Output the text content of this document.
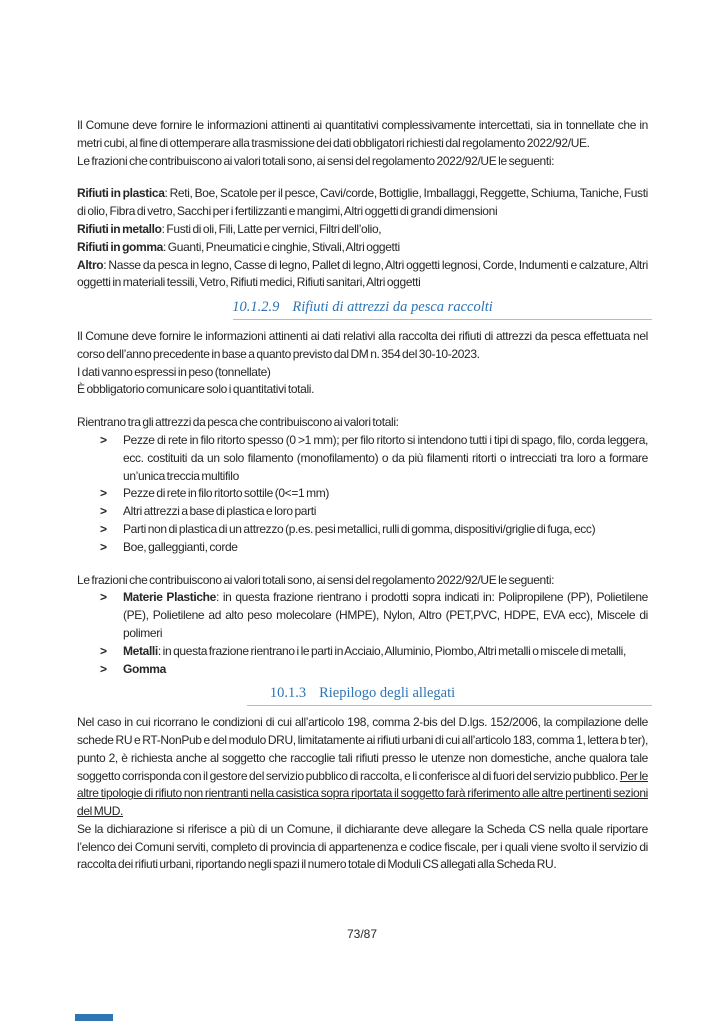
Il Comune deve fornire le informazioni attinenti ai quantitativi complessivamente intercettati, sia in tonnellate che in metri cubi, al fine di ottemperare alla trasmissione dei dati obbligatori richiesti dal regolamento 2022/92/UE.

Le frazioni che contribuiscono ai valori totali sono, ai sensi del regolamento 2022/92/UE le seguenti:

Rifiuti in plastica: Reti, Boe, Scatole per il pesce, Cavi/corde, Bottiglie, Imballaggi, Reggette, Schiuma, Taniche, Fusti di olio, Fibra di vetro, Sacchi per i fertilizzanti e mangimi, Altri oggetti di grandi dimensioni

Rifiuti in metallo: Fusti di oli, Fili, Latte per vernici, Filtri dell’olio,

Rifiuti in gomma: Guanti, Pneumatici e cinghie, Stivali, Altri oggetti

Altro: Nasse da pesca in legno, Casse di legno, Pallet di legno, Altri oggetti legnosi, Corde, Indumenti e calzature, Altri oggetti in materiali tessili, Vetro, Rifiuti medici, Rifiuti sanitari, Altri oggetti

10.1.2.9 Rifiuti di attrezzi da pesca raccolti

Il Comune deve fornire le informazioni attinenti ai dati relativi alla raccolta dei rifiuti di attrezzi da pesca effettuata nel corso dell’anno precedente in base a quanto previsto dal DM n. 354 del 30-10-2023.

I dati vanno espressi in peso (tonnellate)

È obbligatorio comunicare solo i quantitativi totali.

Rientrano tra gli attrezzi da pesca che contribuiscono ai valori totali:

>	Pezze di rete in filo ritorto spesso (0 >1 mm); per filo ritorto si intendono tutti i tipi di spago, filo, corda leggera, ecc. costituiti da un solo filamento (monofilamento) o da più filamenti ritorti o intrecciati tra loro a formare un’unica treccia multifilo
>	Pezze di rete in filo ritorto sottile (0<=1 mm)
>	Altri attrezzi a base di plastica e loro parti
>	Parti non di plastica di un attrezzo (p.es. pesi metallici, rulli di gomma, dispositivi/griglie di fuga, ecc)
>	Boe, galleggianti, corde

Le frazioni che contribuiscono ai valori totali sono, ai sensi del regolamento 2022/92/UE le seguenti:

>	Materie Plastiche: in questa frazione rientrano i prodotti sopra indicati in: Polipropilene (PP), Polietilene (PE), Polietilene ad alto peso molecolare (HMPE), Nylon, Altro (PET,PVC, HDPE, EVA ecc), Miscele di polimeri
>	Metalli: in questa frazione rientrano i le parti in Acciaio, Alluminio, Piombo, Altri metalli o miscele di metalli,
>	Gomma
10.1.3 Riepilogo degli allegati

Nel caso in cui ricorrano le condizioni di cui all’articolo 198, comma 2-bis del D.lgs. 152/2006, la compilazione delle schede RU e RT-NonPub e del modulo DRU, limitatamente ai rifiuti urbani di cui all’articolo 183, comma 1, lettera b ter), punto 2, è richiesta anche al soggetto che raccoglie tali rifiuti presso le utenze non domestiche, anche qualora tale soggetto corrisponda con il gestore del servizio pubblico di raccolta, e li conferisce al di fuori del servizio pubblico. Per le altre tipologie di rifiuto non rientranti nella casistica sopra riportata il soggetto farà riferimento alle altre pertinenti sezioni del MUD.

Se la dichiarazione si riferisce a più di un Comune, il dichiarante deve allegare la Scheda CS nella quale riportare l’elenco dei Comuni serviti, completo di provincia di appartenenza e codice fiscale, per i quali viene svolto il servizio di raccolta dei rifiuti urbani, riportando negli spazi il numero totale di Moduli CS allegati alla Scheda RU.

73/87
